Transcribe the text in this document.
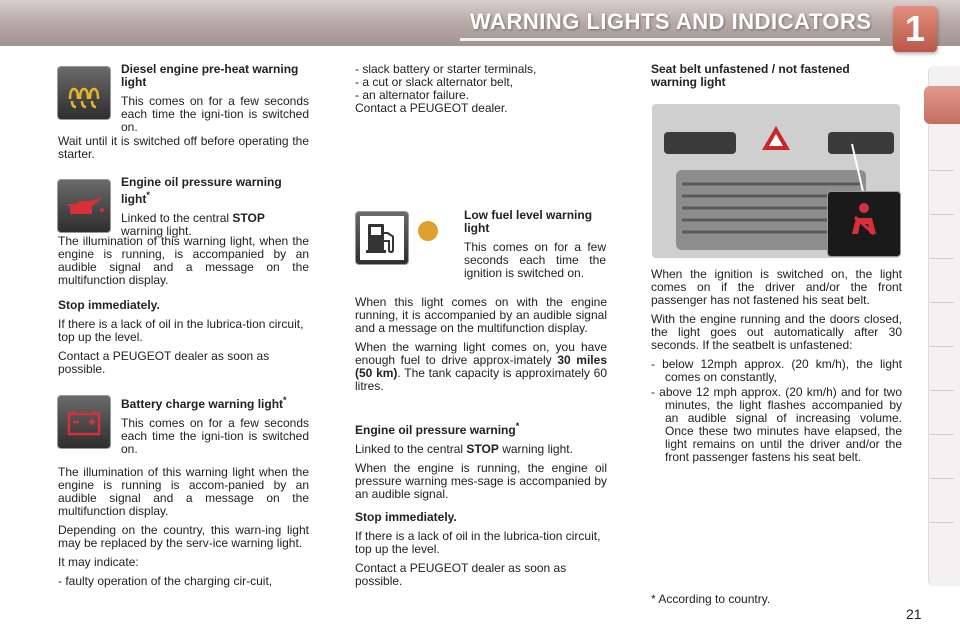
WARNING LIGHTS AND INDICATORS 1

Diesel engine pre-heat warning light

This comes on for a few seconds each time the igni-tion is switched on.

Wait until it is switched off before operating the starter.

Engine oil pressure warning light*

Linked to the central STOP warning light.

The illumination of this warning light, when the engine is running, is accompanied by an audible signal and a message on the multifunction display.

Stop immediately.

If there is a lack of oil in the lubrica-tion circuit, top up the level.

Contact a PEUGEOT dealer as soon as possible.

Battery charge warning light*

This comes on for a few seconds each time the igni-tion is switched on.

The illumination of this warning light when the engine is running is accom-panied by an audible signal and a message on the multifunction display.

Depending on the country, this warn-ing light may be replaced by the serv-ice warning light.

It may indicate:

- faulty operation of the charging cir-cuit,

- slack battery or starter terminals,

- a cut or slack alternator belt,

- an alternator failure.

Contact a PEUGEOT dealer.

Low fuel level warning light

This comes on for a few seconds each time the ignition is switched on.

When this light comes on with the engine running, it is accompanied by an audible signal and a message on the multifunction display.

When the warning light comes on, you have enough fuel to drive approx-imately 30 miles (50 km). The tank capacity is approximately 60 litres.

Engine oil pressure warning*

Linked to the central STOP warning light.

When the engine is running, the engine oil pressure warning mes-sage is accompanied by an audible signal.

Stop immediately.

If there is a lack of oil in the lubrica-tion circuit, top up the level.

Contact a PEUGEOT dealer as soon as possible.

Seat belt unfastened / not fastened warning light

When the ignition is switched on, the light comes on if the driver and/or the front passenger has not fastened his seat belt.

With the engine running and the doors closed, the light goes out automatically after 30 seconds. If the seatbelt is unfastened:

- below 12mph approx. (20 km/h), the light comes on constantly,

- above 12 mph approx. (20 km/h) and for two minutes, the light flashes accompanied by an audible signal of increasing volume. Once these two minutes have elapsed, the light remains on until the driver and/or the front passenger fastens his seat belt.

* According to country.
21
